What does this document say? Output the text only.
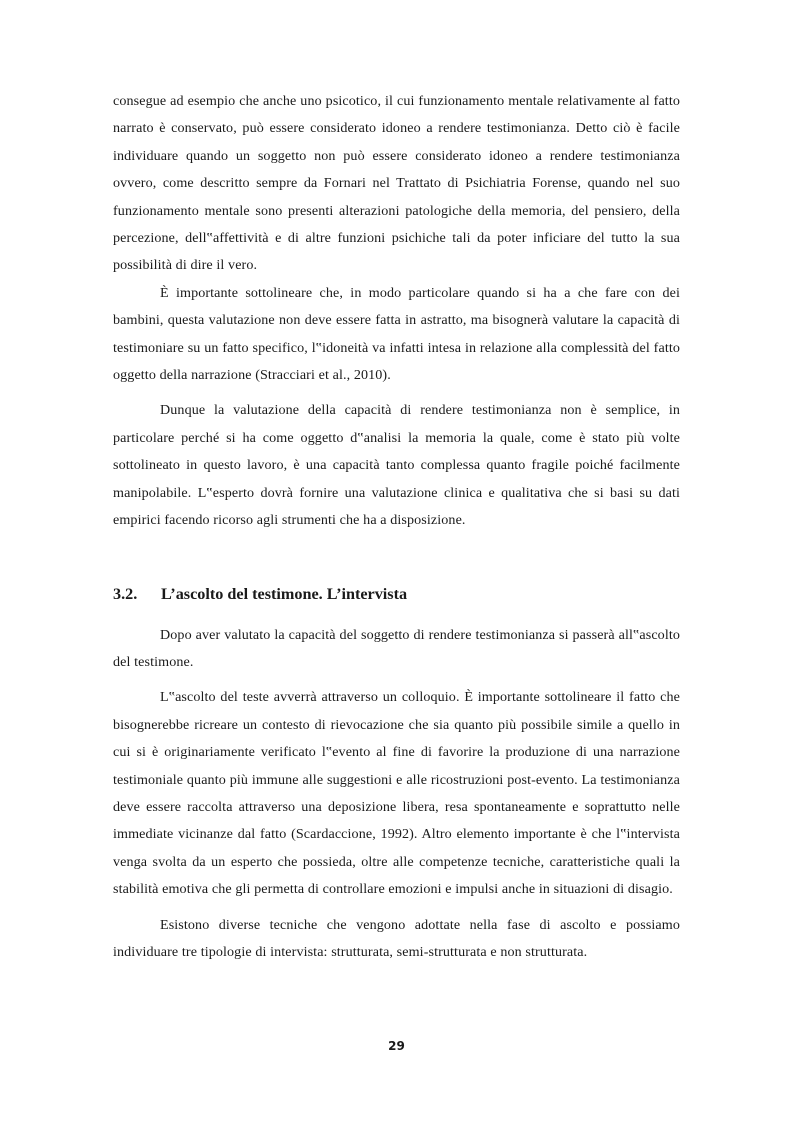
consegue ad esempio che anche uno psicotico, il cui funzionamento mentale relativamente al fatto narrato è conservato, può essere considerato idoneo a rendere testimonianza. Detto ciò è facile individuare quando un soggetto non può essere considerato idoneo a rendere testimonianza ovvero, come descritto sempre da Fornari nel Trattato di Psichiatria Forense, quando nel suo funzionamento mentale sono presenti alterazioni patologiche della memoria, del pensiero, della percezione, dell‟affettività e di altre funzioni psichiche tali da poter inficiare del tutto la sua possibilità di dire il vero.

È importante sottolineare che, in modo particolare quando si ha a che fare con dei bambini, questa valutazione non deve essere fatta in astratto, ma bisognerà valutare la capacità di testimoniare su un fatto specifico, l‟idoneità va infatti intesa in relazione alla complessità del fatto oggetto della narrazione (Stracciari et al., 2010).

Dunque la valutazione della capacità di rendere testimonianza non è semplice, in particolare perché si ha come oggetto d‟analisi la memoria la quale, come è stato più volte sottolineato in questo lavoro, è una capacità tanto complessa quanto fragile poiché facilmente manipolabile. L‟esperto dovrà fornire una valutazione clinica e qualitativa che si basi su dati empirici facendo ricorso agli strumenti che ha a disposizione.

3.2.	L’ascolto del testimone. L’intervista

Dopo aver valutato la capacità del soggetto di rendere testimonianza si passerà all‟ascolto del testimone.

L‟ascolto del teste avverrà attraverso un colloquio. È importante sottolineare il fatto che bisognerebbe ricreare un contesto di rievocazione che sia quanto più possibile simile a quello in cui si è originariamente verificato l‟evento al fine di favorire la produzione di una narrazione testimoniale quanto più immune alle suggestioni e alle ricostruzioni post-evento. La testimonianza deve essere raccolta attraverso una deposizione libera, resa spontaneamente e soprattutto nelle immediate vicinanze dal fatto (Scardaccione, 1992). Altro elemento importante è che l‟intervista venga svolta da un esperto che possieda, oltre alle competenze tecniche, caratteristiche quali la stabilità emotiva che gli permetta di controllare emozioni e impulsi anche in situazioni di disagio.

Esistono diverse tecniche che vengono adottate nella fase di ascolto e possiamo individuare tre tipologie di intervista: strutturata, semi-strutturata e non strutturata.

29
